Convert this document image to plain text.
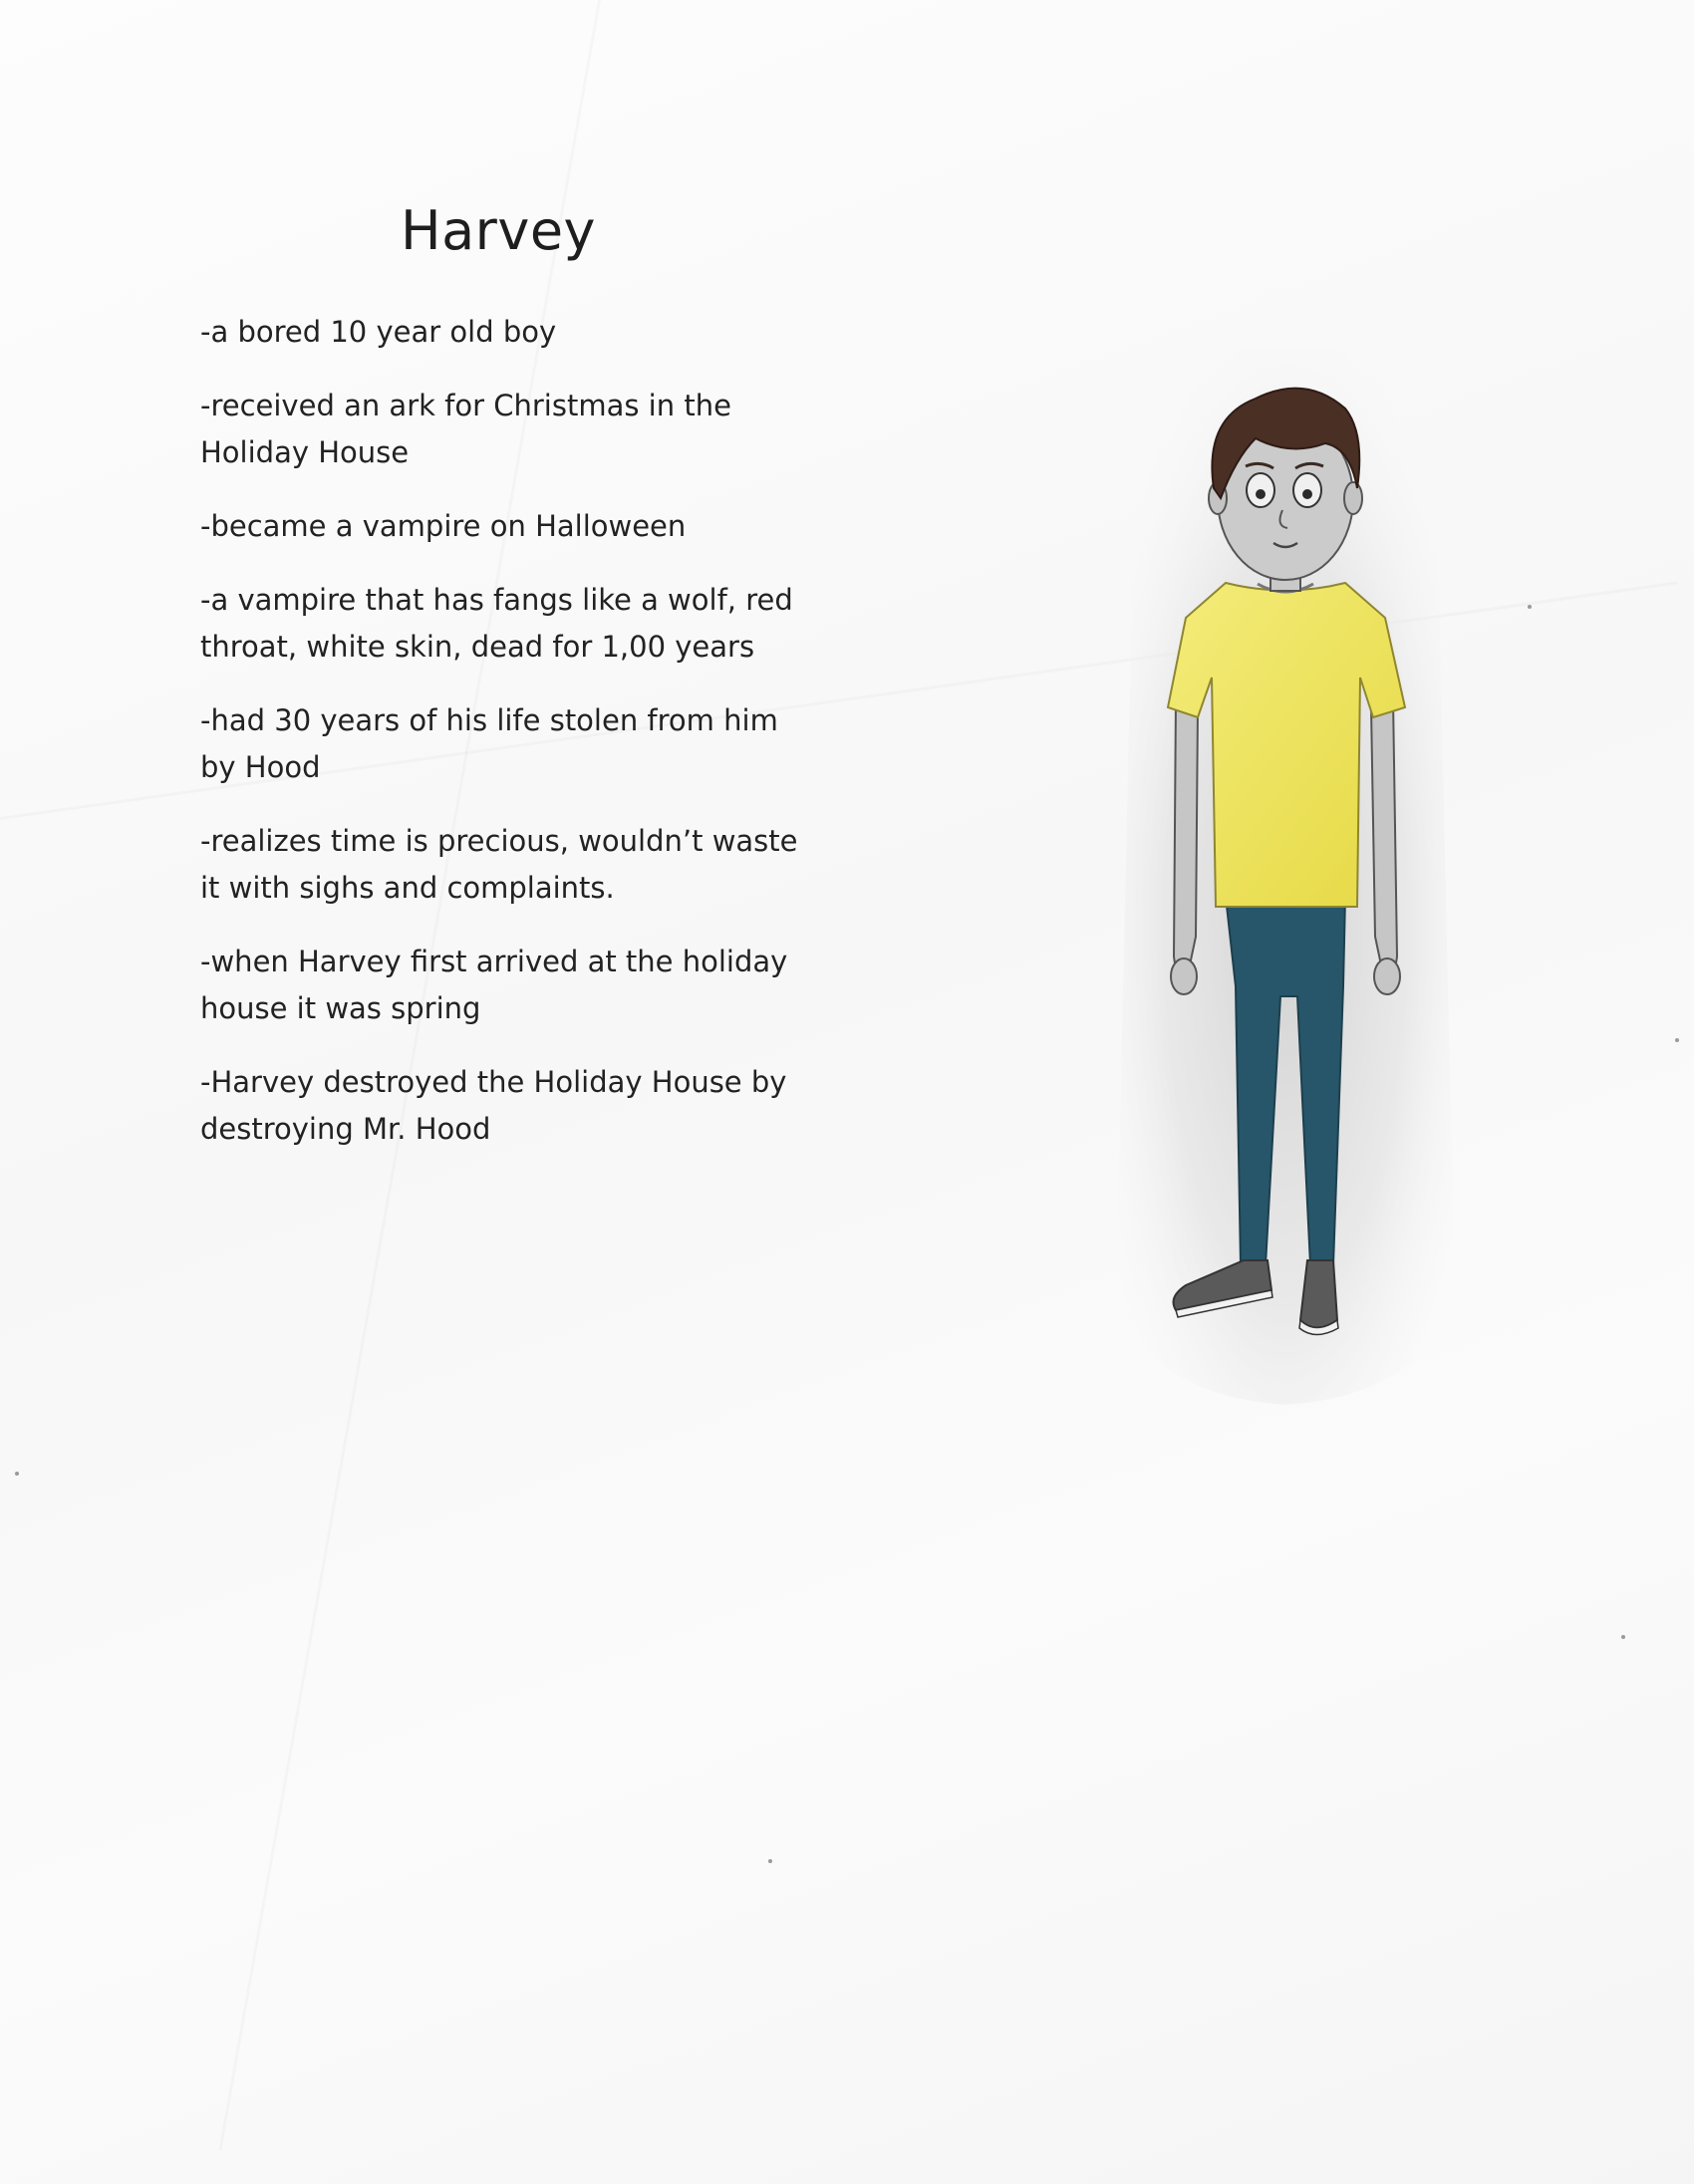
Harvey
-a bored 10 year old boy
-received an ark for Christmas in the Holiday House
-became a vampire on Halloween
-a vampire that has fangs like a wolf, red throat, white skin, dead for 1,00 years
-had 30 years of his life stolen from him by Hood
-realizes time is precious, wouldn’t waste it with sighs and complaints.
-when Harvey first arrived at the holiday house it was spring
-Harvey destroyed the Holiday House by destroying Mr. Hood
